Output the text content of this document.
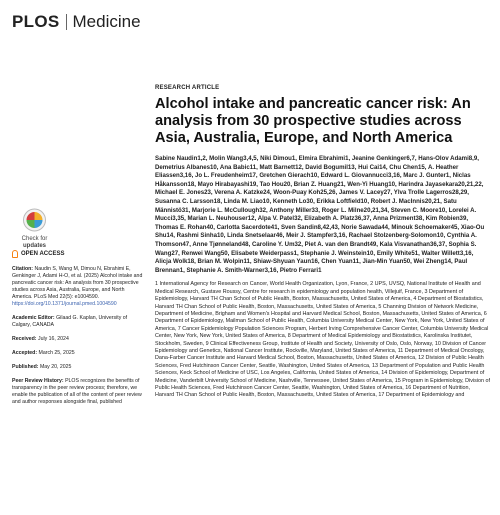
PLOS Medicine
Check for
updates
OPEN ACCESS
Citation: Naudin S, Wang M, Dimou N, Ebrahimi E, Genkinger J, Adami H-O, et al. (2025) Alcohol intake and pancreatic cancer risk: An analysis from 30 prospective studies across Asia, Australia, Europe, and North America. PLoS Med 22(5): e1004590. https://doi.org/10.1371/journal.pmed.1004590
Academic Editor: Gilaad G. Kaplan, University of Calgary, CANADA
Received: July 16, 2024
Accepted: March 25, 2025
Published: May 20, 2025
Peer Review History: PLOS recognizes the benefits of transparency in the peer review process; therefore, we enable the publication of all of the content of peer review and author responses alongside final, published
RESEARCH ARTICLE
Alcohol intake and pancreatic cancer risk: An analysis from 30 prospective studies across Asia, Australia, Europe, and North America
Sabine Naudin1,2, Molin Wang3,4,5, Niki Dimou1, Elmira Ebrahimi1, Jeanine Genkinger6,7, Hans-Olov Adami8,9, Demetrius Albanes10, Ana Babic11, Matt Barnett12, David Bogumil13, Hui Cai14, Chu Chen15, A. Heather Eliassen3,16, Jo L. Freudenheim17, Gretchen Gierach10, Edward L. Giovannucci3,16, Marc J. Gunter1, Niclas Håkansson18, Mayo Hirabayashi19, Tao Hou20, Brian Z. Huang21, Wen-Yi Huang10, Harindra Jayasekara20,21,22, Michael E. Jones23, Verena A. Katzke24, Woon-Puay Koh25,26, James V. Lacey27, Ylva Trolle Lagerros28,29, Susanna C. Larsson18, Linda M. Liao10, Kenneth Lo30, Erikka Loftfield10, Robert J. MacInnis20,21, Satu Männistö31, Marjorie L. McCullough32, Anthony Miller33, Roger L. Milne20,21,34, Steven C. Moore10, Lorelei A. Mucci3,35, Marian L. Neuhouser12, Alpa V. Patel32, Elizabeth A. Platz36,37, Anna Prizment38, Kim Robien39, Thomas E. Rohan40, Carlotta Sacerdote41, Sven Sandin8,42,43, Norie Sawada44, Minouk Schoemaker45, Xiao-Ou Shu14, Rashmi Sinha10, Linda Snetselaar46, Meir J. Stampfer3,16, Rachael Stolzenberg-Solomon10, Cynthia A. Thomson47, Anne Tjønneland48, Caroline Y. Um32, Piet A. van den Brandt49, Kala Visvanathan36,37, Sophia S. Wang27, Renwei Wang50, Elisabete Weiderpass1, Stephanie J. Weinstein10, Emily White51, Walter Willett3,16, Alicja Wolk18, Brian M. Wolpin11, Shiaw-Shyuan Yaun16, Chen Yuan11, Jian-Min Yuan50, Wei Zheng14, Paul Brennan1, Stephanie A. Smith-Warner3,16, Pietro Ferrari1
1 International Agency for Research on Cancer, World Health Organization, Lyon, France, 2 UPS, UVSQ, National Institute of Health and Medical Research, Gustave Roussy, Centre for research in epidemiology and population health, Villejuif, France, 3 Department of Epidemiology, Harvard TH Chan School of Public Health, Boston, Massachusetts, United States of America, 4 Department of Biostatistics, Harvard TH Chan School of Public Health, Boston, Massachusetts, United States of America, 5 Channing Division of Network Medicine, Department of Medicine, Brigham and Women's Hospital and Harvard Medical School, Boston, Massachusetts, United States of America, 6 Department of Epidemiology, Mailman School of Public Health, Columbia University Medical Center, New York, New York, United States of America, 7 Cancer Epidemiology Population Sciences Program, Herbert Irving Comprehensive Cancer Center, Columbia University Medical Center, New York, New York, United States of America, 8 Department of Medical Epidemiology and Biostatistics, Karolinska Institutet, Stockholm, Sweden, 9 Clinical Effectiveness Group, Institute of Health and Society, University of Oslo, Oslo, Norway, 10 Division of Cancer Epidemiology and Genetics, National Cancer Institute, Rockville, Maryland, United States of America, 11 Department of Medical Oncology, Dana-Farber Cancer Institute and Harvard Medical School, Boston, Massachusetts, United States of America, 12 Division of Public Health Sciences, Fred Hutchinson Cancer Center, Seattle, Washington, United States of America, 13 Department of Population and Public Health Sciences, Keck School of Medicine of USC, Los Angeles, California, United States of America, 14 Division of Epidemiology, Department of Medicine, Vanderbilt University School of Medicine, Nashville, Tennessee, United States of America, 15 Program in Epidemiology, Division of Public Health Sciences, Fred Hutchinson Cancer Center, Seattle, Washington, United States of America, 16 Department of Nutrition, Harvard TH Chan School of Public Health, Boston, Massachusetts, United States of America, 17 Department of Epidemiology and
